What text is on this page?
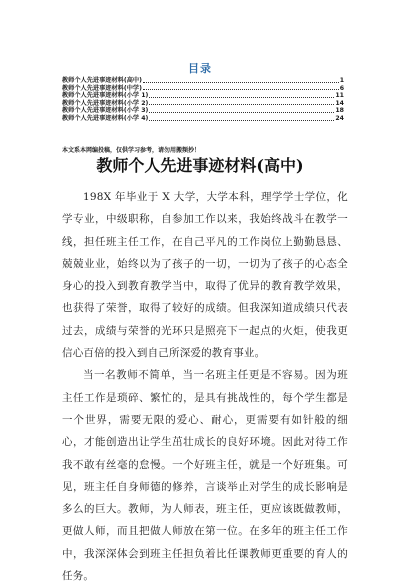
目录
教师个人先进事迹材料(高中)	1
教师个人先进事迹材料(中学)	6
教师个人先进事迹材料(小学 1)	11
教师个人先进事迹材料(小学 2)	14
教师个人先进事迹材料(小学 3)	18
教师个人先进事迹材料(小学 4)	24
本文系本网编投稿，仅供学习参考，请勿用搬频抄！
教师个人先进事迹材料(高中)

198X 年毕业于 X 大学，大学本科，理学学士学位，化学专业，中级职称，自参加工作以来，我始终战斗在教学一线，担任班主任工作，在自己平凡的工作岗位上勤勤恳恳、兢兢业业，始终以为了孩子的一切，一切为了孩子的心态全身心的投入到教育教学当中，取得了优异的教育教学效果，也获得了荣誉，取得了较好的成绩。但我深知道成绩只代表过去，成绩与荣誉的光环只是照亮下一起点的火炬，使我更信心百倍的投入到自己所深爱的教育事业。

当一名教师不简单，当一名班主任更是不容易。因为班主任工作是琐碎、繁忙的，是具有挑战性的，每个学生都是一个世界，需要无限的爱心、耐心，更需要有如针般的细心，才能创造出让学生茁壮成长的良好环境。因此对待工作我不敢有丝毫的怠慢。一个好班主任，就是一个好班集。可见，班主任自身师德的修养，言谈举止对学生的成长影响是多么的巨大。教师，为人师表，班主任，更应该既做教师，更做人师，而且把做人师放在第一位。在多年的班主任工作中，我深深体会到班主任担负着比任课教师更重要的育人的任务。
